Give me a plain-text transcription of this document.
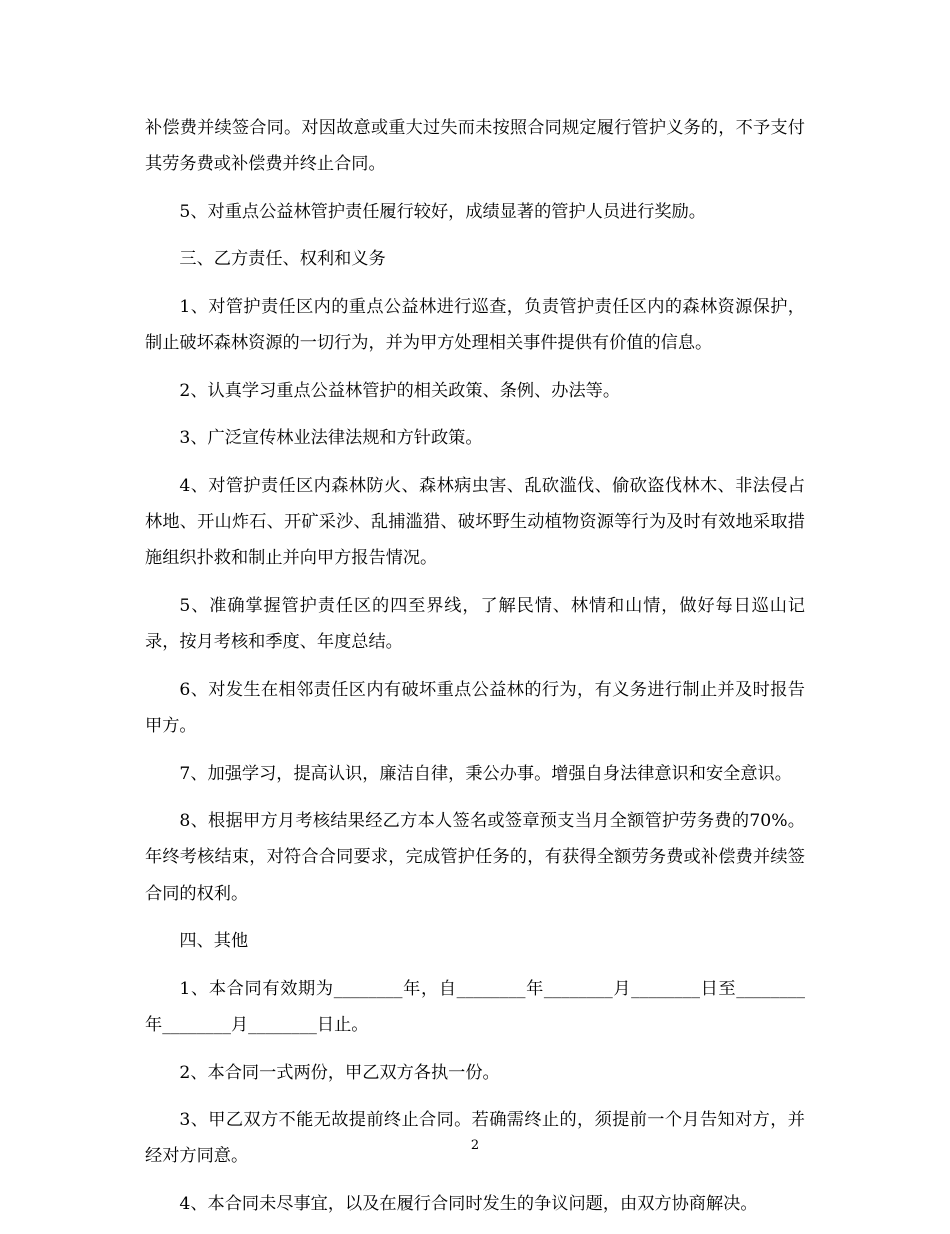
补偿费并续签合同。对因故意或重大过失而未按照合同规定履行管护义务的，不予支付其劳务费或补偿费并终止合同。

5、对重点公益林管护责任履行较好，成绩显著的管护人员进行奖励。

三、乙方责任、权利和义务

1、对管护责任区内的重点公益林进行巡查，负责管护责任区内的森林资源保护，制止破坏森林资源的一切行为，并为甲方处理相关事件提供有价值的信息。

2、认真学习重点公益林管护的相关政策、条例、办法等。

3、广泛宣传林业法律法规和方针政策。

4、对管护责任区内森林防火、森林病虫害、乱砍滥伐、偷砍盗伐林木、非法侵占林地、开山炸石、开矿采沙、乱捕滥猎、破坏野生动植物资源等行为及时有效地采取措施组织扑救和制止并向甲方报告情况。

5、准确掌握管护责任区的四至界线，了解民情、林情和山情，做好每日巡山记录，按月考核和季度、年度总结。

6、对发生在相邻责任区内有破坏重点公益林的行为，有义务进行制止并及时报告甲方。

7、加强学习，提高认识，廉洁自律，秉公办事。增强自身法律意识和安全意识。

8、根据甲方月考核结果经乙方本人签名或签章预支当月全额管护劳务费的70%。年终考核结束，对符合合同要求，完成管护任务的，有获得全额劳务费或补偿费并续签合同的权利。

四、其他

1、本合同有效期为________年，自________年________月________日至________年________月________日止。

2、本合同一式两份，甲乙双方各执一份。

3、甲乙双方不能无故提前终止合同。若确需终止的，须提前一个月告知对方，并经对方同意。

4、本合同未尽事宜，以及在履行合同时发生的争议问题，由双方协商解决。

2
